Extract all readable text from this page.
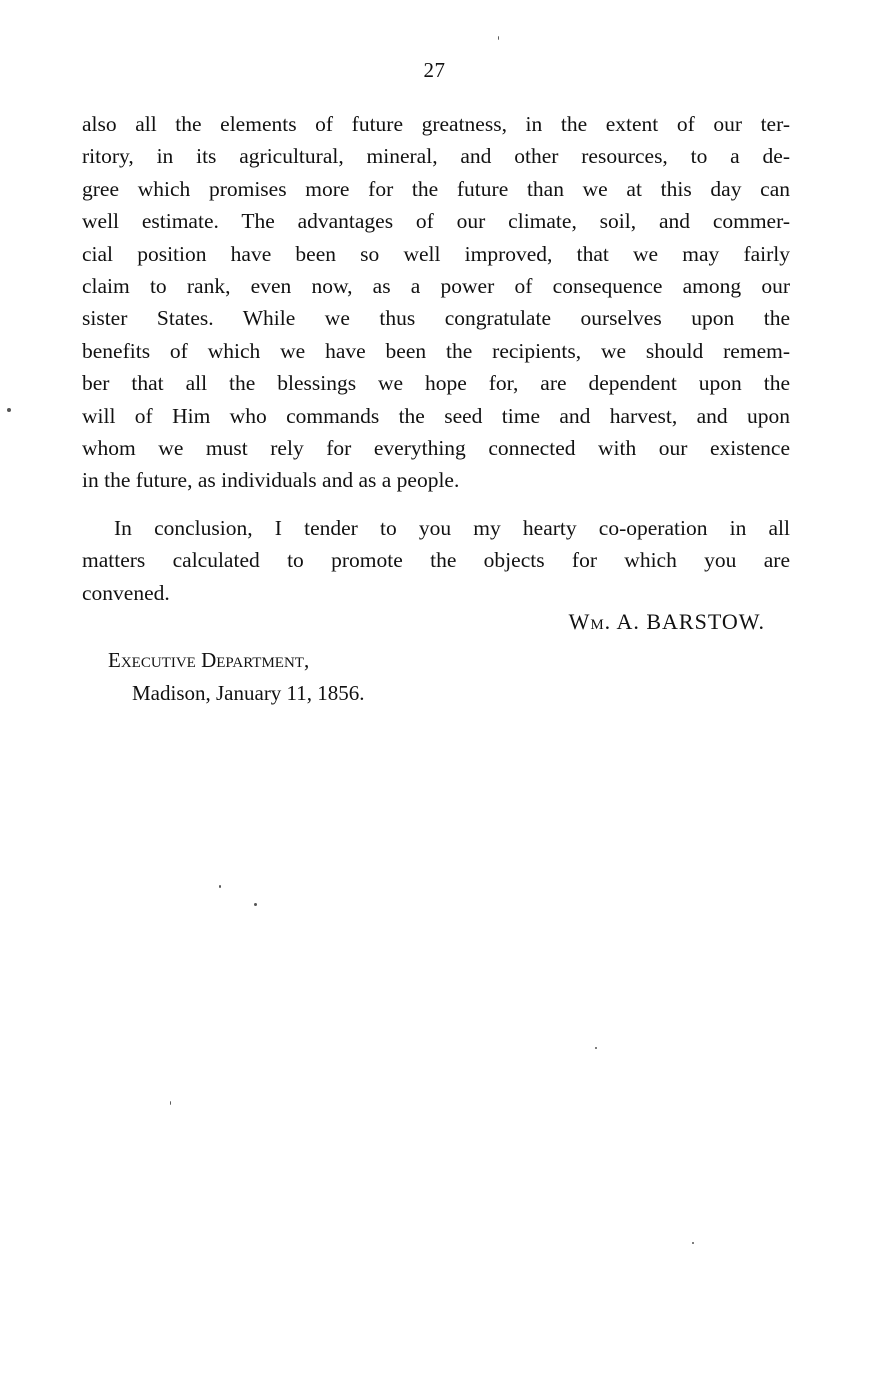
27
also all the elements of future greatness, in the extent of our ter-
ritory, in its agricultural, mineral, and other resources, to a de-
gree which promises more for the future than we at this day can
well estimate. The advantages of our climate, soil, and commer-
cial position have been so well improved, that we may fairly
claim to rank, even now, as a power of consequence among our
sister States. While we thus congratulate ourselves upon the
benefits of which we have been the recipients, we should remem-
ber that all the blessings we hope for, are dependent upon the
will of Him who commands the seed time and harvest, and upon
whom we must rely for everything connected with our existence
in the future, as individuals and as a people.
In conclusion, I tender to you my hearty co-operation in all
matters calculated to promote the objects for which you are
convened.
Wm. A. BARSTOW.
Executive Department,
Madison, January 11, 1856.
